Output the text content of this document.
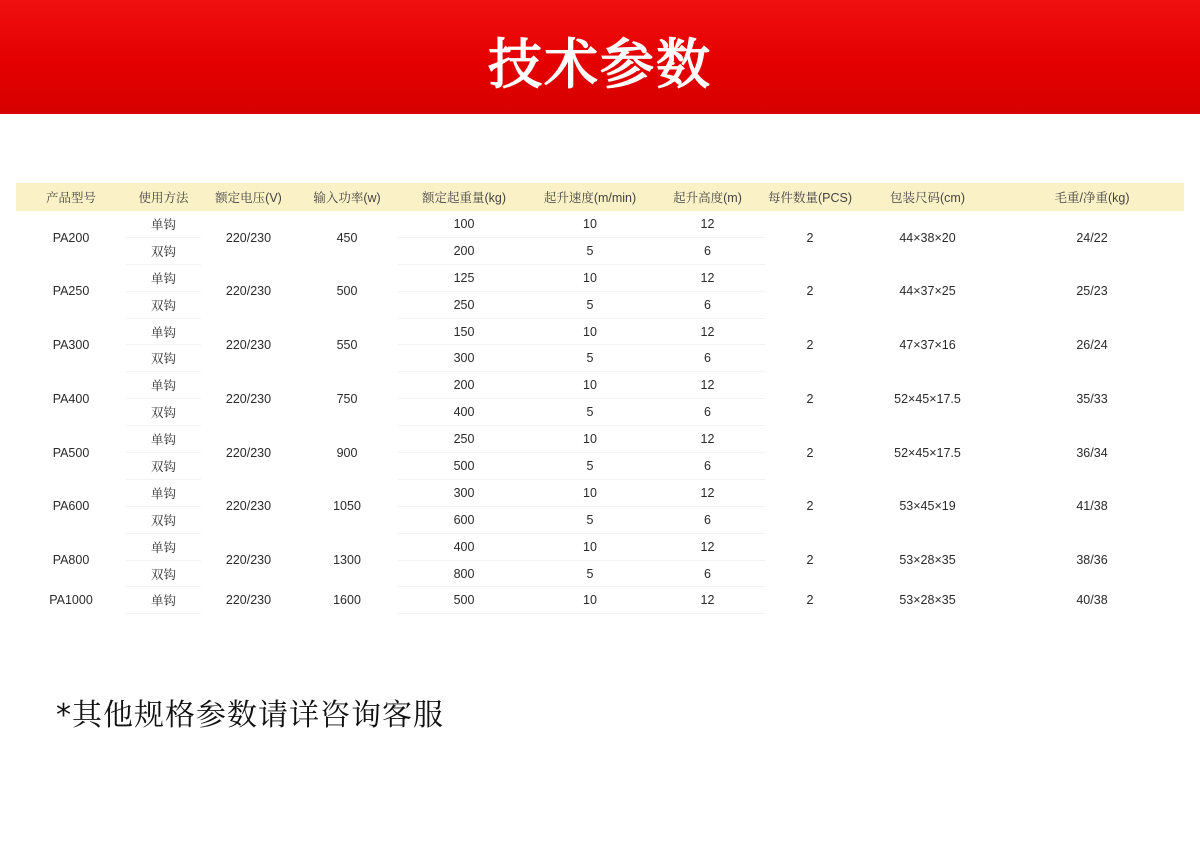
技术参数
产品型号	使用方法	额定电压(V)	输入功率(w)	额定起重量(kg)	起升速度(m/min)	起升高度(m)	每件数量(PCS)	包装尺码(cm)	毛重/净重(kg)
PA200	单钩	220/230	450	100	10	12	2	44×38×20	24/22
	双钩			200	5	6			
PA250	单钩	220/230	500	125	10	12	2	44×37×25	25/23
	双钩			250	5	6			
PA300	单钩	220/230	550	150	10	12	2	47×37×16	26/24
	双钩			300	5	6			
PA400	单钩	220/230	750	200	10	12	2	52×45×17.5	35/33
	双钩			400	5	6			
PA500	单钩	220/230	900	250	10	12	2	52×45×17.5	36/34
	双钩			500	5	6			
PA600	单钩	220/230	1050	300	10	12	2	53×45×19	41/38
	双钩			600	5	6			
PA800	单钩	220/230	1300	400	10	12	2	53×28×35	38/36
	双钩			800	5	6			
PA1000	单钩	220/230	1600	500	10	12	2	53×28×35	40/38
*其他规格参数请详咨询客服
